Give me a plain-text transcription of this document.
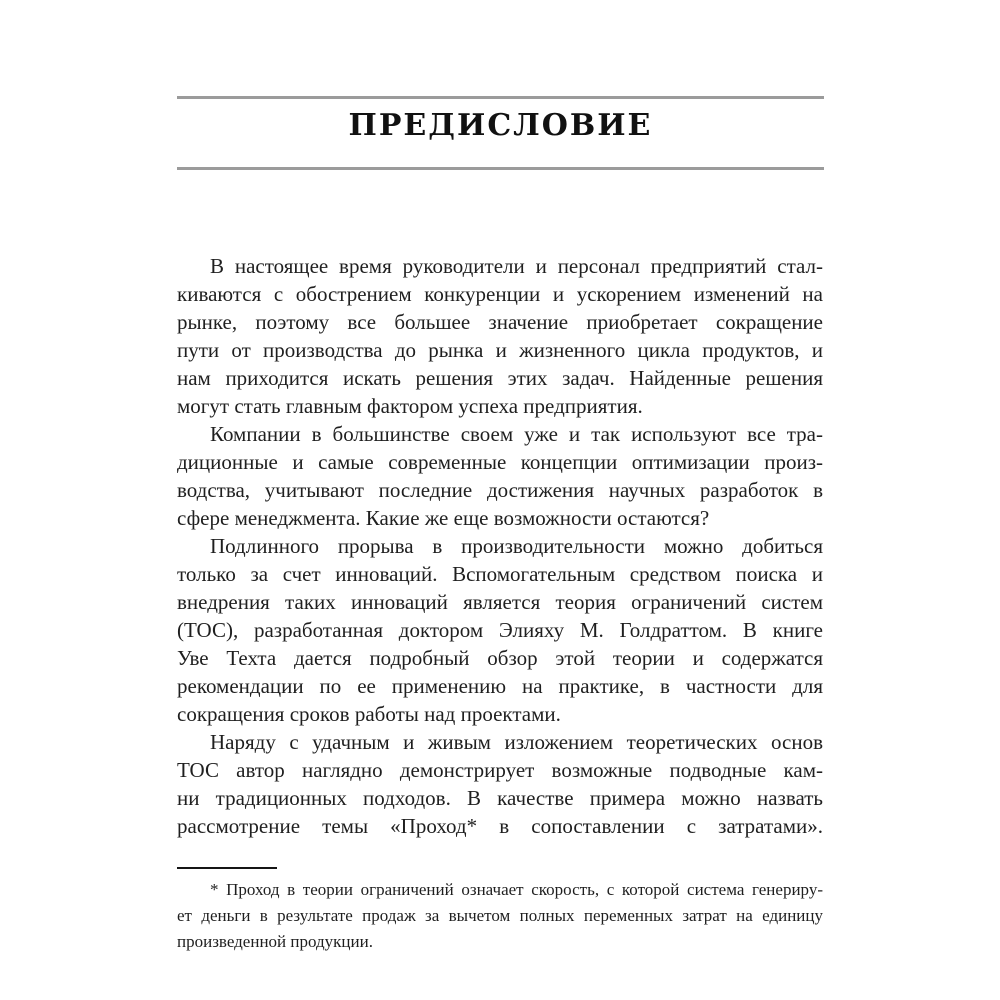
ПРЕДИСЛОВИЕ
В настоящее время руководители и персонал предприятий стал-
киваются с обострением конкуренции и ускорением изменений на
рынке, поэтому все большее значение приобретает сокращение
пути от производства до рынка и жизненного цикла продуктов, и
нам приходится искать решения этих задач. Найденные решения
могут стать главным фактором успеха предприятия.
Компании в большинстве своем уже и так используют все тра-
диционные и самые современные концепции оптимизации произ-
водства, учитывают последние достижения научных разработок в
сфере менеджмента. Какие же еще возможности остаются?
Подлинного прорыва в производительности можно добиться
только за счет инноваций. Вспомогательным средством поиска и
внедрения таких инноваций является теория ограничений систем
(ТОС), разработанная доктором Элияху М. Голдраттом. В книге
Уве Техта дается подробный обзор этой теории и содержатся
рекомендации по ее применению на практике, в частности для
сокращения сроков работы над проектами.
Наряду с удачным и живым изложением теоретических основ
ТОС автор наглядно демонстрирует возможные подводные кам-
ни традиционных подходов. В качестве примера можно назвать
рассмотрение темы «Проход* в сопоставлении с затратами».
* Проход в теории ограничений означает скорость, с которой система генериру-
ет деньги в результате продаж за вычетом полных переменных затрат на единицу
произведенной продукции.
